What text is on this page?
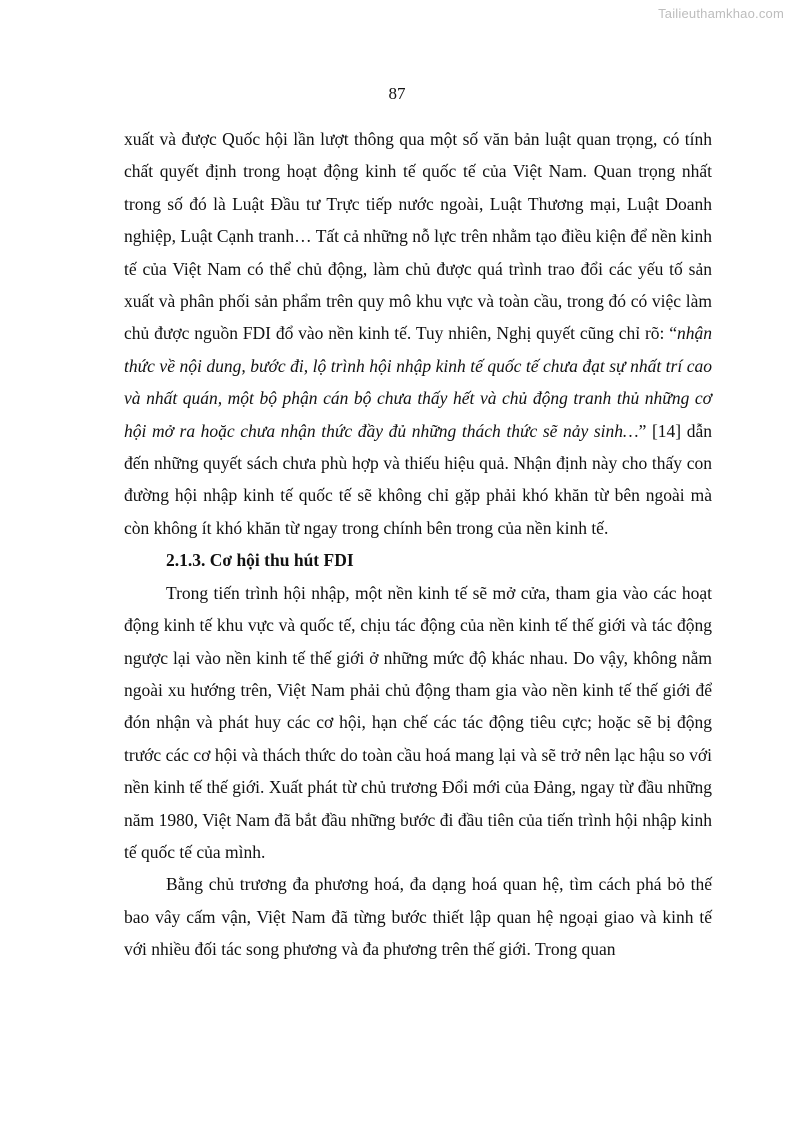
Tailieuthamkhao.com
87

xuất và được Quốc hội lần lượt thông qua một số văn bản luật quan trọng, có tính chất quyết định trong hoạt động kinh tế quốc tế của Việt Nam. Quan trọng nhất trong số đó là Luật Đầu tư Trực tiếp nước ngoài, Luật Thương mại, Luật Doanh nghiệp, Luật Cạnh tranh… Tất cả những nỗ lực trên nhằm tạo điều kiện để nền kinh tế của Việt Nam có thể chủ động, làm chủ được quá trình trao đổi các yếu tố sản xuất và phân phối sản phẩm trên quy mô khu vực và toàn cầu, trong đó có việc làm chủ được nguồn FDI đổ vào nền kinh tế. Tuy nhiên, Nghị quyết cũng chỉ rõ: “nhận thức về nội dung, bước đi, lộ trình hội nhập kinh tế quốc tế chưa đạt sự nhất trí cao và nhất quán, một bộ phận cán bộ chưa thấy hết và chủ động tranh thủ những cơ hội mở ra hoặc chưa nhận thức đầy đủ những thách thức sẽ nảy sinh…” [14] dẫn đến những quyết sách chưa phù hợp và thiếu hiệu quả. Nhận định này cho thấy con đường hội nhập kinh tế quốc tế sẽ không chỉ gặp phải khó khăn từ bên ngoài mà còn không ít khó khăn từ ngay trong chính bên trong của nền kinh tế.

2.1.3. Cơ hội thu hút FDI

Trong tiến trình hội nhập, một nền kinh tế sẽ mở cửa, tham gia vào các hoạt động kinh tế khu vực và quốc tế, chịu tác động của nền kinh tế thế giới và tác động ngược lại vào nền kinh tế thế giới ở những mức độ khác nhau. Do vậy, không nằm ngoài xu hướng trên, Việt Nam phải chủ động tham gia vào nền kinh tế thế giới để đón nhận và phát huy các cơ hội, hạn chế các tác động tiêu cực; hoặc sẽ bị động trước các cơ hội và thách thức do toàn cầu hoá mang lại và sẽ trở nên lạc hậu so với nền kinh tế thế giới. Xuất phát từ chủ trương Đổi mới của Đảng, ngay từ đầu những năm 1980, Việt Nam đã bắt đầu những bước đi đầu tiên của tiến trình hội nhập kinh tế quốc tế của mình.

Bằng chủ trương đa phương hoá, đa dạng hoá quan hệ, tìm cách phá bỏ thế bao vây cấm vận, Việt Nam đã từng bước thiết lập quan hệ ngoại giao và kinh tế với nhiều đối tác song phương và đa phương trên thế giới. Trong quan
